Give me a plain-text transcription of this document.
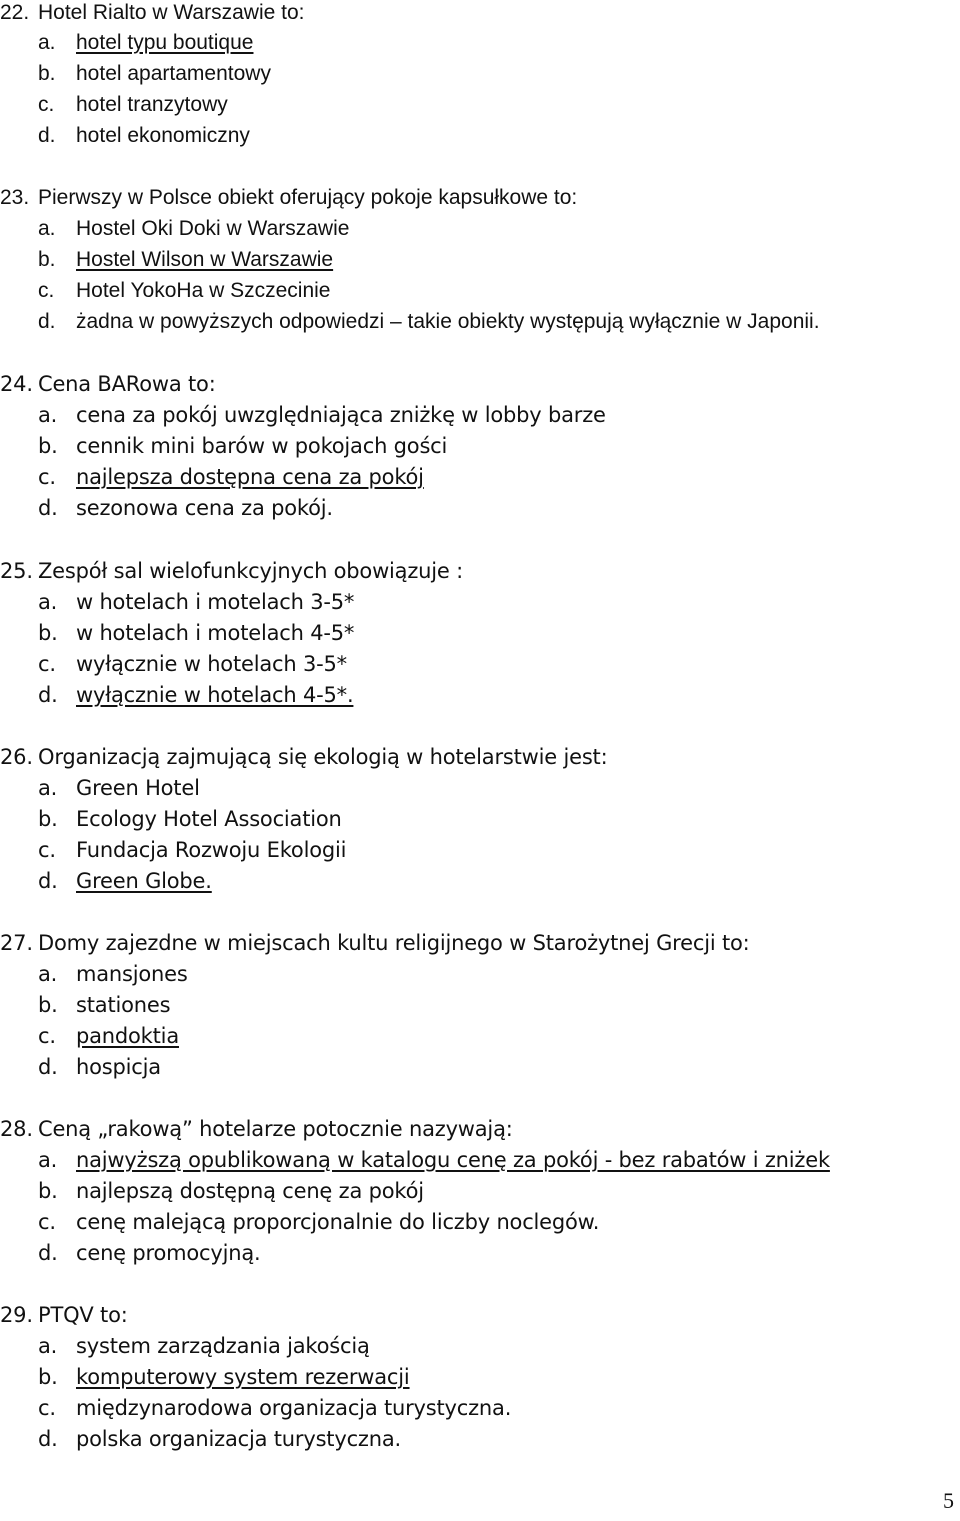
22. Hotel Rialto w Warszawie to:
a. hotel typu boutique
b. hotel apartamentowy
c. hotel tranzytowy
d. hotel ekonomiczny
23. Pierwszy w Polsce obiekt oferujący pokoje kapsułkowe to:
a. Hostel Oki Doki w Warszawie
b. Hostel Wilson w Warszawie
c. Hotel YokoHa w Szczecinie
d. żadna w powyższych odpowiedzi – takie obiekty występują wyłącznie w Japonii.
24. Cena BARowa to:
a. cena za pokój uwzględniająca zniżkę w lobby barze
b. cennik mini barów w pokojach gości
c. najlepsza dostępna cena za pokój
d. sezonowa cena za pokój.
25. Zespół sal wielofunkcyjnych obowiązuje :
a. w hotelach i motelach 3-5*
b. w hotelach i motelach 4-5*
c. wyłącznie w hotelach 3-5*
d. wyłącznie w hotelach 4-5*.
26. Organizacją zajmującą się ekologią w hotelarstwie jest:
a. Green Hotel
b. Ecology Hotel Association
c. Fundacja Rozwoju Ekologii
d. Green Globe.
27. Domy zajezdne w miejscach kultu religijnego w Starożytnej Grecji to:
a. mansjones
b. stationes
c. pandoktia
d. hospicja
28. Ceną „rakową” hotelarze potocznie nazywają:
a. najwyższą opublikowaną w katalogu cenę za pokój - bez rabatów i zniżek
b. najlepszą dostępną cenę za pokój
c. cenę malejącą proporcjonalnie do liczby noclegów.
d. cenę promocyjną.
29. PTQV to:
a. system zarządzania jakością
b. komputerowy system rezerwacji
c. międzynarodowa organizacja turystyczna.
d. polska organizacja turystyczna.
5
